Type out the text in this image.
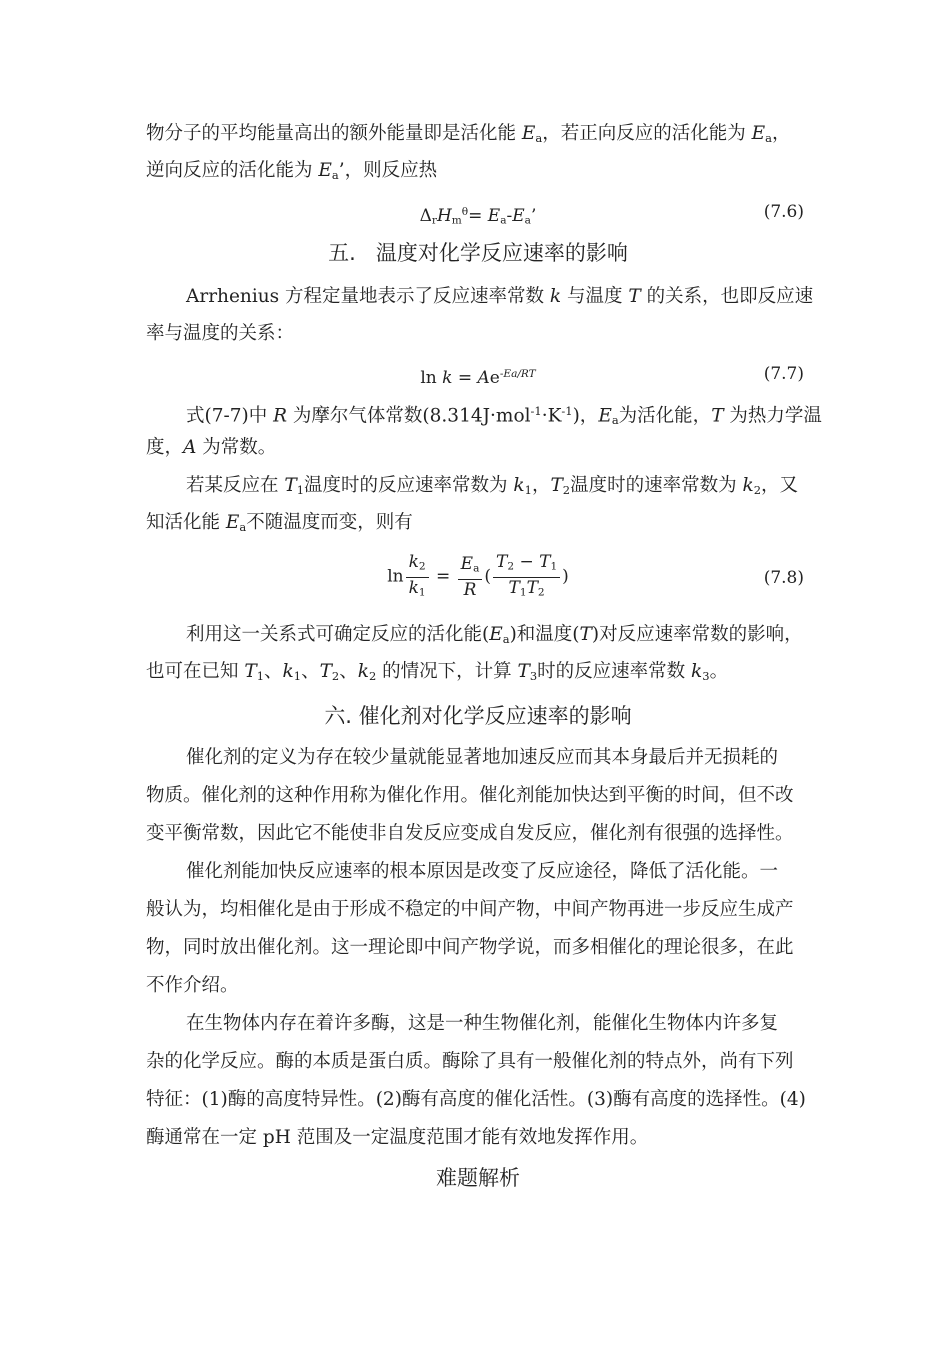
物分子的平均能量高出的额外能量即是活化能 $E_a$，若正向反应的活化能为 $E_a$，
逆向反应的活化能为 $E_a$’，则反应热
$\Delta_rH_m^\theta= E_a-E_a$’	(7.6)
五.   温度对化学反应速率的影响
Arrhenius 方程定量地表示了反应速率常数 k 与温度 T 的关系，也即反应速
率与温度的关系：
$\ln k = Ae^{-Ea/RT}$	(7.7)
式(7-7)中 R 为摩尔气体常数$(8.314J\cdot mol^{-1}\cdot K^{-1})$，$E_a$为活化能，T 为热力学温
度，A 为常数。
若某反应在 $T_1$温度时的反应速率常数为 $k_1$，$T_2$温度时的速率常数为 $k_2$，又
知活化能 $E_a$不随温度而变，则有
$\ln \frac{k_2}{k_1} = \frac{E_a}{R}$ ( $\frac{T_2 - T_1}{T_1T_2}$ )	(7.8)
利用这一关系式可确定反应的活化能$(E_a)$和温度(T)对反应速率常数的影响，
也可在已知 $T_1$、$k_1$、$T_2$、$k_2$ 的情况下，计算 $T_3$时的反应速率常数 $k_3$。
六. 催化剂对化学反应速率的影响
催化剂的定义为存在较少量就能显著地加速反应而其本身最后并无损耗的
物质。催化剂的这种作用称为催化作用。催化剂能加快达到平衡的时间，但不改
变平衡常数，因此它不能使非自发反应变成自发反应，催化剂有很强的选择性。
催化剂能加快反应速率的根本原因是改变了反应途径，降低了活化能。一
般认为，均相催化是由于形成不稳定的中间产物，中间产物再进一步反应生成产
物，同时放出催化剂。这一理论即中间产物学说，而多相催化的理论很多，在此
不作介绍。
在生物体内存在着许多酶，这是一种生物催化剂，能催化生物体内许多复
杂的化学反应。酶的本质是蛋白质。酶除了具有一般催化剂的特点外，尚有下列
特征：(1)酶的高度特异性。(2)酶有高度的催化活性。(3)酶有高度的选择性。(4)
酶通常在一定 pH 范围及一定温度范围才能有效地发挥作用。
难题解析
